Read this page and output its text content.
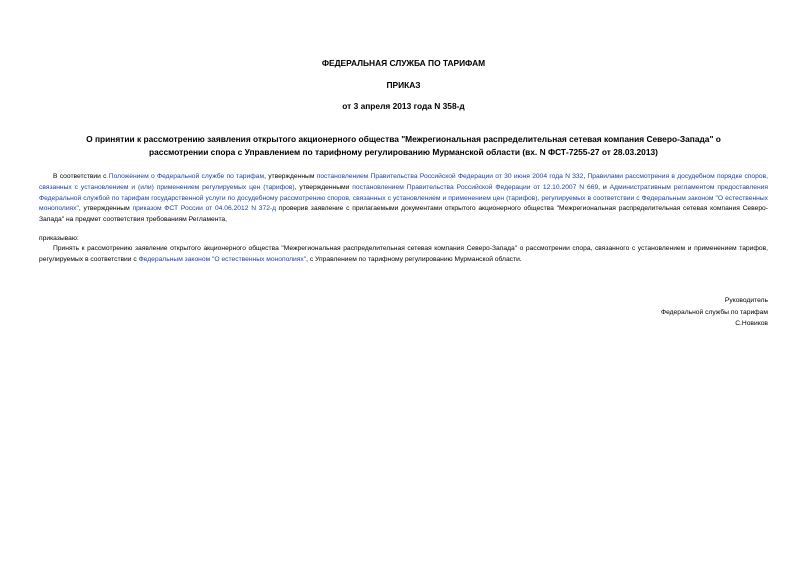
ФЕДЕРАЛЬНАЯ СЛУЖБА ПО ТАРИФАМ
ПРИКАЗ
от 3 апреля 2013 года N 358-д
О принятии к рассмотрению заявления открытого акционерного общества "Межрегиональная распределительная сетевая компания Северо-Запада" о рассмотрении спора с Управлением по тарифному регулированию Мурманской области (вх. N ФСТ-7255-27 от 28.03.2013)
В соответствии с Положением о Федеральной службе по тарифам, утвержденным постановлением Правительства Российской Федерации от 30 июня 2004 года N 332, Правилами рассмотрения в досудебном порядке споров, связанных с установлением и (или) применением регулируемых цен (тарифов), утвержденными постановлением Правительства Российской Федерации от 12.10.2007 N 669, и Административным регламентом предоставления Федеральной службой по тарифам государственной услуги по досудебному рассмотрению споров, связанных с установлением и применением цен (тарифов), регулируемых в соответствии с Федеральным законом "О естественных монополиях", утвержденным приказом ФСТ России от 04.06.2012 N 372-д проверив заявление с прилагаемыми документами открытого акционерного общества "Межрегиональная распределительная сетевая компания Северо-Запада" на предмет соответствия требованиям Регламента,
приказываю:
Принять к рассмотрению заявление открытого акционерного общества "Межрегиональная распределительная сетевая компания Северо-Запада" о рассмотрении спора, связанного с установлением и применением тарифов, регулируемых в соответствии с Федеральным законом "О естественных монополиях", с Управлением по тарифному регулированию Мурманской области.
Руководитель
Федеральной службы по тарифам
С.Новиков
